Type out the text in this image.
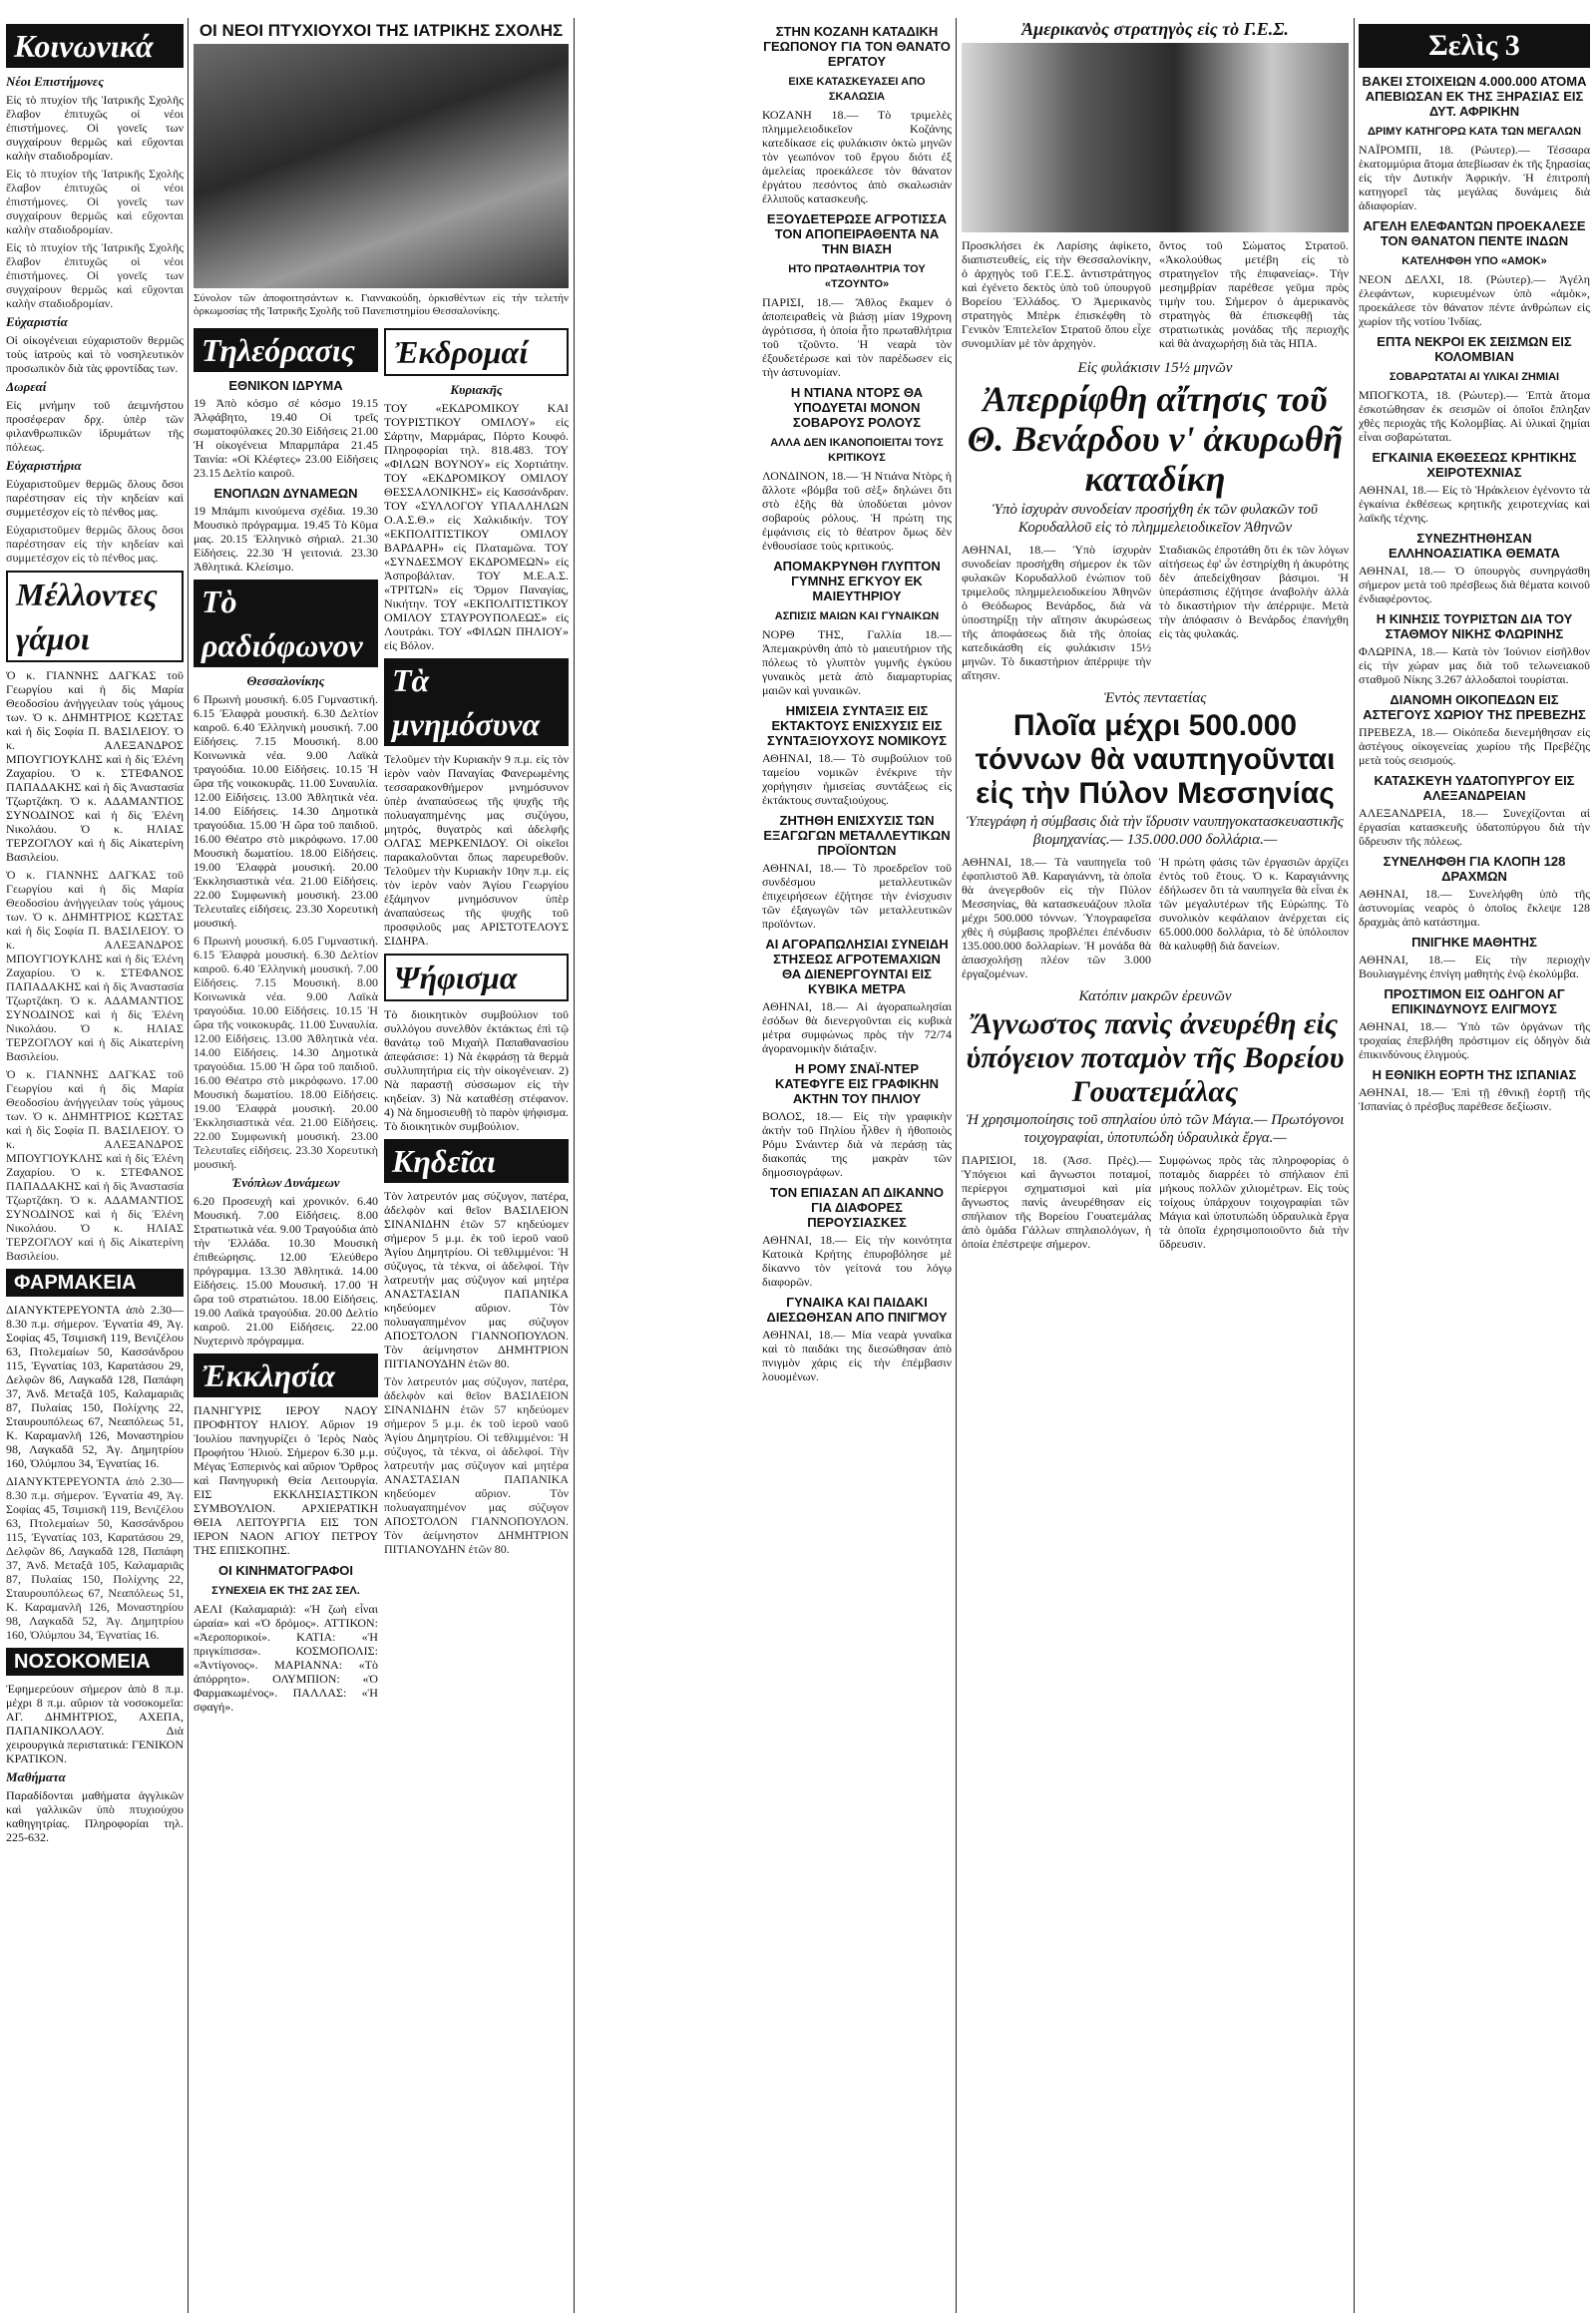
Κοινωνικά
Νέοι Επιστήμονες

Εἰς τὸ πτυχίον τῆς Ἰατρικῆς Σχολῆς ἔλαβον ἐπιτυχῶς οἱ νέοι ἐπιστήμονες. Οἱ γονεῖς των συγχαίρουν θερμῶς καὶ εὔχονται καλὴν σταδιοδρομίαν.

Εἰς τὸ πτυχίον τῆς Ἰατρικῆς Σχολῆς ἔλαβον ἐπιτυχῶς οἱ νέοι ἐπιστήμονες. Οἱ γονεῖς των συγχαίρουν θερμῶς καὶ εὔχονται καλὴν σταδιοδρομίαν.

Εἰς τὸ πτυχίον τῆς Ἰατρικῆς Σχολῆς ἔλαβον ἐπιτυχῶς οἱ νέοι ἐπιστήμονες. Οἱ γονεῖς των συγχαίρουν θερμῶς καὶ εὔχονται καλὴν σταδιοδρομίαν.

Εὐχαριστία

Οἱ οἰκογένειαι εὐχαριστοῦν θερμῶς τοὺς ἰατροὺς καὶ τὸ νοσηλευτικὸν προσωπικὸν διὰ τὰς φροντίδας των.

Δωρεαί

Εἰς μνήμην τοῦ ἀειμνήστου προσέφεραν δρχ. ὑπὲρ τῶν φιλανθρωπικῶν ἱδρυμάτων τῆς πόλεως.

Εὐχαριστήρια

Εὐχαριστοῦμεν θερμῶς ὅλους ὅσοι παρέστησαν εἰς τὴν κηδείαν καὶ συμμετέσχον εἰς τὸ πένθος μας.

Εὐχαριστοῦμεν θερμῶς ὅλους ὅσοι παρέστησαν εἰς τὴν κηδείαν καὶ συμμετέσχον εἰς τὸ πένθος μας.

Μέλλοντες γάμοι

Ὁ κ. ΓΙΑΝΝΗΣ ΔΑΓΚΑΣ τοῦ Γεωργίου καὶ ἡ δὶς Μαρία Θεοδοσίου ἀνήγγειλαν τοὺς γάμους των. Ὁ κ. ΔΗΜΗΤΡΙΟΣ ΚΩΣΤΑΣ καὶ ἡ δὶς Σοφία Π. ΒΑΣΙΛΕΙΟΥ. Ὁ κ. ΑΛΕΞΑΝΔΡΟΣ ΜΠΟΥΓΙΟΥΚΛΗΣ καὶ ἡ δὶς Ἑλένη Ζαχαρίου. Ὁ κ. ΣΤΕΦΑΝΟΣ ΠΑΠΑΔΑΚΗΣ καὶ ἡ δὶς Ἀναστασία Τζωρτζάκη. Ὁ κ. ΑΔΑΜΑΝΤΙΟΣ ΣΥΝΟΔΙΝΟΣ καὶ ἡ δὶς Ἑλένη Νικολάου. Ὁ κ. ΗΛΙΑΣ ΤΕΡΖΟΓΛΟΥ καὶ ἡ δὶς Αἰκατερίνη Βασιλείου.

Ὁ κ. ΓΙΑΝΝΗΣ ΔΑΓΚΑΣ τοῦ Γεωργίου καὶ ἡ δὶς Μαρία Θεοδοσίου ἀνήγγειλαν τοὺς γάμους των. Ὁ κ. ΔΗΜΗΤΡΙΟΣ ΚΩΣΤΑΣ καὶ ἡ δὶς Σοφία Π. ΒΑΣΙΛΕΙΟΥ. Ὁ κ. ΑΛΕΞΑΝΔΡΟΣ ΜΠΟΥΓΙΟΥΚΛΗΣ καὶ ἡ δὶς Ἑλένη Ζαχαρίου. Ὁ κ. ΣΤΕΦΑΝΟΣ ΠΑΠΑΔΑΚΗΣ καὶ ἡ δὶς Ἀναστασία Τζωρτζάκη. Ὁ κ. ΑΔΑΜΑΝΤΙΟΣ ΣΥΝΟΔΙΝΟΣ καὶ ἡ δὶς Ἑλένη Νικολάου. Ὁ κ. ΗΛΙΑΣ ΤΕΡΖΟΓΛΟΥ καὶ ἡ δὶς Αἰκατερίνη Βασιλείου.

Ὁ κ. ΓΙΑΝΝΗΣ ΔΑΓΚΑΣ τοῦ Γεωργίου καὶ ἡ δὶς Μαρία Θεοδοσίου ἀνήγγειλαν τοὺς γάμους των. Ὁ κ. ΔΗΜΗΤΡΙΟΣ ΚΩΣΤΑΣ καὶ ἡ δὶς Σοφία Π. ΒΑΣΙΛΕΙΟΥ. Ὁ κ. ΑΛΕΞΑΝΔΡΟΣ ΜΠΟΥΓΙΟΥΚΛΗΣ καὶ ἡ δὶς Ἑλένη Ζαχαρίου. Ὁ κ. ΣΤΕΦΑΝΟΣ ΠΑΠΑΔΑΚΗΣ καὶ ἡ δὶς Ἀναστασία Τζωρτζάκη. Ὁ κ. ΑΔΑΜΑΝΤΙΟΣ ΣΥΝΟΔΙΝΟΣ καὶ ἡ δὶς Ἑλένη Νικολάου. Ὁ κ. ΗΛΙΑΣ ΤΕΡΖΟΓΛΟΥ καὶ ἡ δὶς Αἰκατερίνη Βασιλείου.

ΦΑΡΜΑΚΕΙΑ

ΔΙΑΝΥΚΤΕΡΕΥΟΝΤΑ ἀπὸ 2.30—8.30 π.μ. σήμερον. Ἐγνατία 49, Ἁγ. Σοφίας 45, Τσιμισκῆ 119, Βενιζέλου 63, Πτολεμαίων 50, Κασσάνδρου 115, Ἐγνατίας 103, Καρατάσου 29, Δελφῶν 86, Λαγκαδᾶ 128, Παπάφη 37, Ἀνδ. Μεταξᾶ 105, Καλαμαριᾶς 87, Πυλαίας 150, Πολίχνης 22, Σταυρουπόλεως 67, Νεαπόλεως 51, Κ. Καραμανλῆ 126, Μοναστηρίου 98, Λαγκαδᾶ 52, Ἀγ. Δημητρίου 160, Ὀλύμπου 34, Ἐγνατίας 16.

ΔΙΑΝΥΚΤΕΡΕΥΟΝΤΑ ἀπὸ 2.30—8.30 π.μ. σήμερον. Ἐγνατία 49, Ἁγ. Σοφίας 45, Τσιμισκῆ 119, Βενιζέλου 63, Πτολεμαίων 50, Κασσάνδρου 115, Ἐγνατίας 103, Καρατάσου 29, Δελφῶν 86, Λαγκαδᾶ 128, Παπάφη 37, Ἀνδ. Μεταξᾶ 105, Καλαμαριᾶς 87, Πυλαίας 150, Πολίχνης 22, Σταυρουπόλεως 67, Νεαπόλεως 51, Κ. Καραμανλῆ 126, Μοναστηρίου 98, Λαγκαδᾶ 52, Ἀγ. Δημητρίου 160, Ὀλύμπου 34, Ἐγνατίας 16.

ΝΟΣΟΚΟΜΕΙΑ

Ἐφημερεύουν σήμερον ἀπὸ 8 π.μ. μέχρι 8 π.μ. αὔριον τὰ νοσοκομεῖα: ΑΓ. ΔΗΜΗΤΡΙΟΣ, ΑΧΕΠΑ, ΠΑΠΑΝΙΚΟΛΑΟΥ. Διὰ χειρουργικὰ περιστατικά: ΓΕΝΙΚΟΝ ΚΡΑΤΙΚΟΝ.

Μαθήματα

Παραδίδονται μαθήματα ἀγγλικῶν καὶ γαλλικῶν ὑπὸ πτυχιούχου καθηγητρίας. Πληροφορίαι τηλ. 225-632.

ΟΙ ΝΕΟΙ ΠΤΥΧΙΟΥΧΟΙ ΤΗΣ ΙΑΤΡΙΚΗΣ ΣΧΟΛΗΣ

Σύνολον τῶν ἀποφοιτησάντων κ. Γιαννακούδη, ὁρκισθέντων εἰς τὴν τελετὴν ὁρκωμοσίας τῆς Ἰατρικῆς Σχολῆς τοῦ Πανεπιστημίου Θεσσαλονίκης.

Τηλεόρασις
ΕΘΝΙΚΟΝ ΙΔΡΥΜΑ

19 Ἀπὸ κόσμο σέ κόσμο 19.15 Ἀλφάβητο, 19.40 Οἱ τρεῖς σωματοφύλακες 20.30 Εἰδήσεις 21.00 Ἡ οἰκογένεια Μπαρμπάρα 21.45 Ταινία: «Οἱ Κλέφτες» 23.00 Εἰδήσεις 23.15 Δελτίο καιροῦ.

ΕΝΟΠΛΩΝ ΔΥΝΑΜΕΩΝ

19 Μπάμπι κινούμενα σχέδια. 19.30 Μουσικὸ πρόγραμμα. 19.45 Τὸ Κῦμα μας. 20.15 Ἐλληνικὸ σήριαλ. 21.30 Εἰδήσεις. 22.30 Ἡ γειτονιά. 23.30 Ἀθλητικά. Κλείσιμο.

Τὸ ραδιόφωνον
Θεσσαλονίκης

6 Πρωινὴ μουσική. 6.05 Γυμναστική. 6.15 Ἐλαφρὰ μουσική. 6.30 Δελτίον καιροῦ. 6.40 Ἑλληνικὴ μουσική. 7.00 Εἰδήσεις. 7.15 Μουσική. 8.00 Κοινωνικὰ νέα. 9.00 Λαϊκὰ τραγούδια. 10.00 Εἰδήσεις. 10.15 Ἡ ὥρα τῆς νοικοκυρᾶς. 11.00 Συναυλία. 12.00 Εἰδήσεις. 13.00 Ἀθλητικὰ νέα. 14.00 Εἰδήσεις. 14.30 Δημοτικὰ τραγούδια. 15.00 Ἡ ὥρα τοῦ παιδιοῦ. 16.00 Θέατρο στὸ μικρόφωνο. 17.00 Μουσικὴ δωματίου. 18.00 Εἰδήσεις. 19.00 Ἐλαφρὰ μουσική. 20.00 Ἐκκλησιαστικὰ νέα. 21.00 Εἰδήσεις. 22.00 Συμφωνικὴ μουσική. 23.00 Τελευταῖες εἰδήσεις. 23.30 Χορευτικὴ μουσική.

6 Πρωινὴ μουσική. 6.05 Γυμναστική. 6.15 Ἐλαφρὰ μουσική. 6.30 Δελτίον καιροῦ. 6.40 Ἑλληνικὴ μουσική. 7.00 Εἰδήσεις. 7.15 Μουσική. 8.00 Κοινωνικὰ νέα. 9.00 Λαϊκὰ τραγούδια. 10.00 Εἰδήσεις. 10.15 Ἡ ὥρα τῆς νοικοκυρᾶς. 11.00 Συναυλία. 12.00 Εἰδήσεις. 13.00 Ἀθλητικὰ νέα. 14.00 Εἰδήσεις. 14.30 Δημοτικὰ τραγούδια. 15.00 Ἡ ὥρα τοῦ παιδιοῦ. 16.00 Θέατρο στὸ μικρόφωνο. 17.00 Μουσικὴ δωματίου. 18.00 Εἰδήσεις. 19.00 Ἐλαφρὰ μουσική. 20.00 Ἐκκλησιαστικὰ νέα. 21.00 Εἰδήσεις. 22.00 Συμφωνικὴ μουσική. 23.00 Τελευταῖες εἰδήσεις. 23.30 Χορευτικὴ μουσική.

Ἐνόπλων Δυνάμεων

6.20 Προσευχὴ καὶ χρονικόν. 6.40 Μουσική. 7.00 Εἰδήσεις. 8.00 Στρατιωτικὰ νέα. 9.00 Τραγούδια ἀπὸ τὴν Ἑλλάδα. 10.30 Μουσικὴ ἐπιθεώρησις. 12.00 Ἐλεύθερο πρόγραμμα. 13.30 Ἀθλητικά. 14.00 Εἰδήσεις. 15.00 Μουσική. 17.00 Ἡ ὥρα τοῦ στρατιώτου. 18.00 Εἰδήσεις. 19.00 Λαϊκὰ τραγούδια. 20.00 Δελτίο καιροῦ. 21.00 Εἰδήσεις. 22.00 Νυχτερινὸ πρόγραμμα.

Ἐκκλησία

ΠΑΝΗΓΥΡΙΣ ΙΕΡΟΥ ΝΑΟΥ ΠΡΟΦΗΤΟΥ ΗΛΙΟΥ. Αὔριον 19 Ἰουλίου πανηγυρίζει ὁ Ἱερὸς Ναὸς Προφήτου Ἠλιοὺ. Σήμερον 6.30 μ.μ. Μέγας Ἑσπερινὸς καὶ αὔριον Ὄρθρος καὶ Πανηγυρικὴ Θεία Λειτουργία. ΕΙΣ ΕΚΚΛΗΣΙΑΣΤΙΚΟΝ ΣΥΜΒΟΥΛΙΟΝ. ΑΡΧΙΕΡΑΤΙΚΗ ΘΕΙΑ ΛΕΙΤΟΥΡΓΙΑ ΕΙΣ ΤΟΝ ΙΕΡΟΝ ΝΑΟΝ ΑΓΙΟΥ ΠΕΤΡΟΥ ΤΗΣ ΕΠΙΣΚΟΠΗΣ.

ΟΙ ΚΙΝΗΜΑΤΟΓΡΑΦΟΙ
ΣΥΝΕΧΕΙΑ ΕΚ ΤΗΣ 2ΑΣ ΣΕΛ.

ΑΕΛΙ (Καλαμαριά): «Ἡ ζωὴ εἶναι ὡραία» καὶ «Ὁ δρόμος». ΑΤΤΙΚΟΝ: «Ἀεροπορικοί». ΚΑΤΙΑ: «Ἡ πριγκίπισσα». ΚΟΣΜΟΠΟΛΙΣ: «Ἀντίγονος». ΜΑΡΙΑΝΝΑ: «Τὸ ἀπόρρητο». ΟΛΥΜΠΙΟΝ: «Ὁ Φαρμακωμένος». ΠΑΛΛΑΣ: «Ἡ σφαγή».

Ἐκδρομαί
Κυριακῆς

ΤΟΥ «ΕΚΔΡΟΜΙΚΟΥ ΚΑΙ ΤΟΥΡΙΣΤΙΚΟΥ ΟΜΙΛΟΥ» εἰς Σάρτην, Μαρμάρας, Πόρτο Κουφό. Πληροφορίαι τηλ. 818.483. ΤΟΥ «ΦΙΛΩΝ ΒΟΥΝΟΥ» εἰς Χορτιάτην. ΤΟΥ «ΕΚΔΡΟΜΙΚΟΥ ΟΜΙΛΟΥ ΘΕΣΣΑΛΟΝΙΚΗΣ» εἰς Κασσάνδραν. ΤΟΥ «ΣΥΛΛΟΓΟΥ ΥΠΑΛΛΗΛΩΝ Ο.Α.Σ.Θ.» εἰς Χαλκιδικήν. ΤΟΥ «ΕΚΠΟΛΙΤΙΣΤΙΚΟΥ ΟΜΙΛΟΥ ΒΑΡΔΑΡΗ» εἰς Πλαταμῶνα. ΤΟΥ «ΣΥΝΔΕΣΜΟΥ ΕΚΔΡΟΜΕΩΝ» εἰς Ἀσπροβάλταν. ΤΟΥ Μ.Ε.Α.Σ. «ΤΡΙΤΩΝ» εἰς Ὄρμον Παναγίας, Νικήτην. ΤΟΥ «ΕΚΠΟΛΙΤΙΣΤΙΚΟΥ ΟΜΙΛΟΥ ΣΤΑΥΡΟΥΠΟΛΕΩΣ» εἰς Λουτράκι. ΤΟΥ «ΦΙΛΩΝ ΠΗΛΙΟΥ» εἰς Βόλον.

Τὰ μνημόσυνα

Τελοῦμεν τὴν Κυριακὴν 9 π.μ. εἰς τὸν ἱερὸν ναὸν Παναγίας Φανερωμένης τεσσαρακονθήμερον μνημόσυνον ὑπὲρ ἀναπαύσεως τῆς ψυχῆς τῆς πολυαγαπημένης μας συζύγου, μητρός, θυγατρὸς καὶ ἀδελφῆς ΟΛΓΑΣ ΜΕΡΚΕΝΙΔΟΥ. Οἱ οἰκεῖοι παρακαλοῦνται ὅπως παρευρεθοῦν. Τελοῦμεν τὴν Κυριακὴν 10ην π.μ. εἰς τὸν ἱερὸν ναὸν Ἁγίου Γεωργίου ἐξάμηνον μνημόσυνον ὑπὲρ ἀναπαύσεως τῆς ψυχῆς τοῦ προσφιλοῦς μας ΑΡΙΣΤΟΤΕΛΟΥΣ ΣΙΔΗΡΑ.

Ψήφισμα

Τὸ διοικητικὸν συμβούλιον τοῦ συλλόγου συνελθὸν ἐκτάκτως ἐπὶ τῷ θανάτῳ τοῦ Μιχαὴλ Παπαθανασίου ἀπεφάσισε: 1) Νὰ ἐκφράσῃ τὰ θερμὰ συλλυπητήρια εἰς τὴν οἰκογένειαν. 2) Νὰ παραστῇ σύσσωμον εἰς τὴν κηδείαν. 3) Νὰ καταθέσῃ στέφανον. 4) Νὰ δημοσιευθῇ τὸ παρὸν ψήφισμα. Τὸ διοικητικὸν συμβούλιον.

Κηδεῖαι

Τὸν λατρευτόν μας σύζυγον, πατέρα, ἀδελφὸν καὶ θεῖον ΒΑΣΙΛΕΙΟΝ ΣΙΝΑΝΙΔΗΝ ἐτῶν 57 κηδεύομεν σήμερον 5 μ.μ. ἐκ τοῦ ἱεροῦ ναοῦ Ἁγίου Δημητρίου. Οἱ τεθλιμμένοι: Ἡ σύζυγος, τὰ τέκνα, οἱ ἀδελφοί. Τὴν λατρευτήν μας σύζυγον καὶ μητέρα ΑΝΑΣΤΑΣΙΑΝ ΠΑΠΑΝΙΚΑ κηδεύομεν αὔριον. Τὸν πολυαγαπημένον μας σύζυγον ΑΠΟΣΤΟΛΟΝ ΓΙΑΝΝΟΠΟΥΛΟΝ. Τὸν ἀείμνηστον ΔΗΜΗΤΡΙΟΝ ΠΙΤΙΑΝΟΥΔΗΝ ἐτῶν 80.

Τὸν λατρευτόν μας σύζυγον, πατέρα, ἀδελφὸν καὶ θεῖον ΒΑΣΙΛΕΙΟΝ ΣΙΝΑΝΙΔΗΝ ἐτῶν 57 κηδεύομεν σήμερον 5 μ.μ. ἐκ τοῦ ἱεροῦ ναοῦ Ἁγίου Δημητρίου. Οἱ τεθλιμμένοι: Ἡ σύζυγος, τὰ τέκνα, οἱ ἀδελφοί. Τὴν λατρευτήν μας σύζυγον καὶ μητέρα ΑΝΑΣΤΑΣΙΑΝ ΠΑΠΑΝΙΚΑ κηδεύομεν αὔριον. Τὸν πολυαγαπημένον μας σύζυγον ΑΠΟΣΤΟΛΟΝ ΓΙΑΝΝΟΠΟΥΛΟΝ. Τὸν ἀείμνηστον ΔΗΜΗΤΡΙΟΝ ΠΙΤΙΑΝΟΥΔΗΝ ἐτῶν 80.

ΣΤΗΝ ΚΟΖΑΝΗ ΚΑΤΑΔΙΚΗ ΓΕΩΠΟΝΟΥ ΓΙΑ ΤΟΝ ΘΑΝΑΤΟ ΕΡΓΑΤΟΥ
ΕΙΧΕ ΚΑΤΑΣΚΕΥΑΣΕΙ ΑΠΟ ΣΚΑΛΩΣΙΑ

ΚΟΖΑΝΗ 18.— Τὸ τριμελὲς πλημμελειοδικεῖον Κοζάνης κατεδίκασε εἰς φυλάκισιν ὀκτὼ μηνῶν τὸν γεωπόνον τοῦ ἔργου διότι ἐξ ἀμελείας προεκάλεσε τὸν θάνατον ἐργάτου πεσόντος ἀπὸ σκαλωσιὰν ἐλλιποῦς κατασκευῆς.

ΕΞΟΥΔΕΤΕΡΩΣΕ ΑΓΡΟΤΙΣΣΑ ΤΟΝ ΑΠΟΠΕΙΡΑΘΕΝΤΑ ΝΑ ΤΗΝ ΒΙΑΣΗ
ΗΤΟ ΠΡΩΤΑΘΛΗΤΡΙΑ ΤΟΥ «ΤΖΟΥΝΤΟ»

ΠΑΡΙΣΙ, 18.— Ἄθλος ἔκαμεν ὁ ἀποπειραθεὶς νὰ βιάσῃ μίαν 19χρονη ἀγρότισσα, ἡ ὁποία ἦτο πρωταθλήτρια τοῦ τζοῦντο. Ἡ νεαρὰ τὸν ἐξουδετέρωσε καὶ τὸν παρέδωσεν εἰς τὴν ἀστυνομίαν.

Η ΝΤΙΑΝΑ ΝΤΟΡΣ ΘΑ ΥΠΟΔΥΕΤΑΙ ΜΟΝΟΝ ΣΟΒΑΡΟΥΣ ΡΟΛΟΥΣ
ΑΛΛΑ ΔΕΝ ΙΚΑΝΟΠΟΙΕΙΤΑΙ ΤΟΥΣ ΚΡΙΤΙΚΟΥΣ

ΛΟΝΔΙΝΟΝ, 18.— Ἡ Ντιάνα Ντὸρς ἡ ἄλλοτε «βόμβα τοῦ σὲξ» δηλώνει ὅτι στὸ ἑξῆς θὰ ὑποδύεται μόνον σοβαροὺς ρόλους. Ἡ πρώτη της ἐμφάνισις εἰς τὸ θέατρον ὅμως δὲν ἐνθουσίασε τοὺς κριτικούς.

ΑΠΟΜΑΚΡΥΝΘΗ ΓΛΥΠΤΟΝ ΓΥΜΝΗΣ ΕΓΚΥΟΥ ΕΚ ΜΑΙΕΥΤΗΡΙΟΥ
ΑΣΠΙΣΙΣ ΜΑΙΩΝ ΚΑΙ ΓΥΝΑΙΚΩΝ

ΝΟΡΘ ΤΗΣ, Γαλλία 18.— Ἀπεμακρύνθη ἀπὸ τὸ μαιευτήριον τῆς πόλεως τὸ γλυπτὸν γυμνῆς ἐγκύου γυναικὸς μετὰ ἀπὸ διαμαρτυρίας μαιῶν καὶ γυναικῶν.

ΗΜΙΣΕΙΑ ΣΥΝΤΑΞΙΣ ΕΙΣ ΕΚΤΑΚΤΟΥΣ ΕΝΙΣΧΥΣΙΣ ΕΙΣ ΣΥΝΤΑΞΙΟΥΧΟΥΣ ΝΟΜΙΚΟΥΣ

ΑΘΗΝΑΙ, 18.— Τὸ συμβούλιον τοῦ ταμείου νομικῶν ἐνέκρινε τὴν χορήγησιν ἡμισείας συντάξεως εἰς ἐκτάκτους συνταξιούχους.

ΖΗΤΗΘΗ ΕΝΙΣΧΥΣΙΣ ΤΩΝ ΕΞΑΓΩΓΩΝ ΜΕΤΑΛΛΕΥΤΙΚΩΝ ΠΡΟΪΟΝΤΩΝ

ΑΘΗΝΑΙ, 18.— Τὸ προεδρεῖον τοῦ συνδέσμου μεταλλευτικῶν ἐπιχειρήσεων ἐζήτησε τὴν ἐνίσχυσιν τῶν ἐξαγωγῶν τῶν μεταλλευτικῶν προϊόντων.

ΑΙ ΑΓΟΡΑΠΩΛΗΣΙΑΙ ΣΥΝΕΙΔΗ ΣΤΗΣΕΩΣ ΑΓΡΟΤΕΜΑΧΙΩΝ ΘΑ ΔΙΕΝΕΡΓΟΥΝΤΑΙ ΕΙΣ ΚΥΒΙΚΑ ΜΕΤΡΑ

ΑΘΗΝΑΙ, 18.— Αἱ ἀγοραπωλησίαι ἐσόδων θὰ διενεργοῦνται εἰς κυβικὰ μέτρα συμφώνως πρὸς τὴν 72/74 ἀγορανομικὴν διάταξιν.

Η ΡΟΜΥ ΣΝΑΪ-ΝΤΕΡ ΚΑΤΕΦΥΓΕ ΕΙΣ ΓΡΑΦΙΚΗΝ ΑΚΤΗΝ ΤΟΥ ΠΗΛΙΟΥ

ΒΟΛΟΣ, 18.— Εἰς τὴν γραφικὴν ἀκτὴν τοῦ Πηλίου ἦλθεν ἡ ἠθοποιὸς Ρόμυ Σνάιντερ διὰ νὰ περάσῃ τὰς διακοπάς της μακρὰν τῶν δημοσιογράφων.

ΤΟΝ ΕΠΙΑΣΑΝ ΑΠ ΔΙΚΑΝΝΟ ΓΙΑ ΔΙΑΦΟΡΕΣ ΠΕΡΟΥΣΙΑΣΚΕΣ

ΑΘΗΝΑΙ, 18.— Εἰς τὴν κοινότητα Κατοικὰ Κρήτης ἐπυροβόλησε μὲ δίκαννο τὸν γείτονά του λόγῳ διαφορῶν.

ΓΥΝΑΙΚΑ ΚΑΙ ΠΑΙΔΑΚΙ ΔΙΕΣΩΘΗΣΑΝ ΑΠΟ ΠΝΙΓΜΟΥ

ΑΘΗΝΑΙ, 18.— Μία νεαρὰ γυναῖκα καὶ τὸ παιδάκι της διεσώθησαν ἀπὸ πνιγμὸν χάρις εἰς τὴν ἐπέμβασιν λουομένων.

Ἀμερικανὸς στρατηγὸς εἰς τὸ Γ.Ε.Σ.

Προσκλήσει ἐκ Λαρίσης ἀφίκετο, διαπιστευθείς, εἰς τὴν Θεσσαλονίκην, ὁ ἀρχηγὸς τοῦ Γ.Ε.Σ. ἀντιστράτηγος καὶ ἐγένετο δεκτὸς ὑπὸ τοῦ ὑπουργοῦ Βορείου Ἑλλάδος. Ὁ Ἀμερικανὸς στρατηγὸς Μπὲρκ ἐπισκέφθη τὸ Γενικὸν Ἐπιτελεῖον Στρατοῦ ὅπου εἶχε συνομιλίαν μὲ τὸν ἀρχηγὸν.

ὄντος τοῦ Σώματος Στρατοῦ. «Ἀκολούθως μετέβη εἰς τὸ στρατηγεῖον τῆς ἐπιφανείας». Τὴν μεσημβρίαν παρέθεσε γεῦμα πρὸς τιμὴν του. Σήμερον ὁ ἀμερικανὸς στρατηγὸς θὰ ἐπισκεφθῇ τὰς στρατιωτικὰς μονάδας τῆς περιοχῆς καὶ θὰ ἀναχωρήσῃ διὰ τὰς ΗΠΑ.

Εἰς φυλάκισιν 15½ μηνῶν
Ἀπερρίφθη αἴτησις τοῦ Θ. Βενάρδου ν' ἀκυρωθῆ καταδίκη
Ὑπὸ ἰσχυρὰν συνοδείαν προσήχθη ἐκ τῶν φυλακῶν τοῦ Κορυδαλλοῦ εἰς τὸ πλημμελειοδικεῖον Ἀθηνῶν

ΑΘΗΝΑΙ, 18.— Ὑπὸ ἰσχυρὰν συνοδείαν προσήχθη σήμερον ἐκ τῶν φυλακῶν Κορυδαλλοῦ ἐνώπιον τοῦ τριμελοῦς πλημμελειοδικείου Ἀθηνῶν ὁ Θεόδωρος Βενάρδος, διὰ νὰ ὑποστηρίξῃ τὴν αἴτησιν ἀκυρώσεως τῆς ἀποφάσεως διὰ τῆς ὁποίας κατεδικάσθη εἰς φυλάκισιν 15½ μηνῶν. Τὸ δικαστήριον ἀπέρριψε τὴν αἴτησιν.

Σταδιακῶς ἐπροτάθη ὅτι ἐκ τῶν λόγων αἰτήσεως ἐφ' ὧν ἐστηρίχθη ἡ ἀκυρότης δὲν ἀπεδείχθησαν βάσιμοι. Ἡ ὑπεράσπισις ἐζήτησε ἀναβολὴν ἀλλὰ τὸ δικαστήριον τὴν ἀπέρριψε. Μετὰ τὴν ἀπόφασιν ὁ Βενάρδος ἐπανήχθη εἰς τὰς φυλακάς.

Ἐντὸς πενταετίας
Πλοῖα μέχρι 500.000 τόννων θὰ ναυπηγοῦνται εἰς τὴν Πύλον Μεσσηνίας
Ὑπεγράφη ἡ σύμβασις διὰ τὴν ἵδρυσιν ναυπηγοκατασκευαστικῆς βιομηχανίας.— 135.000.000 δολλάρια.—

ΑΘΗΝΑΙ, 18.— Τὰ ναυπηγεῖα τοῦ ἐφοπλιστοῦ Ἀθ. Καραγιάννη, τὰ ὁποῖα θὰ ἀνεγερθοῦν εἰς τὴν Πύλον Μεσσηνίας, θὰ κατασκευάζουν πλοῖα μέχρι 500.000 τόννων. Ὑπογραφεῖσα χθὲς ἡ σύμβασις προβλέπει ἐπένδυσιν 135.000.000 δολλαρίων. Ἡ μονάδα θὰ ἀπασχολήσῃ πλέον τῶν 3.000 ἐργαζομένων.

Ἡ πρώτη φάσις τῶν ἐργασιῶν ἀρχίζει ἐντὸς τοῦ ἔτους. Ὁ κ. Καραγιάννης ἐδήλωσεν ὅτι τὰ ναυπηγεῖα θὰ εἶναι ἐκ τῶν μεγαλυτέρων τῆς Εὐρώπης. Τὸ συνολικὸν κεφάλαιον ἀνέρχεται εἰς 65.000.000 δολλάρια, τὸ δὲ ὑπόλοιπον θὰ καλυφθῇ διὰ δανείων.

Κατόπιν μακρῶν ἐρευνῶν
Ἄγνωστος πανὶς ἀνευρέθη εἰς ὑπόγειον ποταμὸν τῆς Βορείου Γουατεμάλας
Ἡ χρησιμοποίησις τοῦ σπηλαίου ὑπὸ τῶν Μάγια.— Πρωτόγονοι τοιχογραφίαι, ὑποτυπώδη ὑδραυλικὰ ἔργα.—

ΠΑΡΙΣΙΟΙ, 18. (Ἀσσ. Πρὲς).— Ὑπόγειοι καὶ ἄγνωστοι ποταμοί, περίεργοι σχηματισμοὶ καὶ μία ἄγνωστος πανὶς ἀνευρέθησαν εἰς σπήλαιον τῆς Βορείου Γουατεμάλας ἀπὸ ὁμάδα Γάλλων σπηλαιολόγων, ἡ ὁποία ἐπέστρεψε σήμερον.

Συμφώνως πρὸς τὰς πληροφορίας ὁ ποταμὸς διαρρέει τὸ σπήλαιον ἐπὶ μήκους πολλῶν χιλιομέτρων. Εἰς τοὺς τοίχους ὑπάρχουν τοιχογραφίαι τῶν Μάγια καὶ ὑποτυπώδη ὑδραυλικὰ ἔργα τὰ ὁποῖα ἐχρησιμοποιοῦντο διὰ τὴν ὕδρευσιν.

Σελὶς 3
ΒΑΚΕΙ ΣΤΟΙΧΕΙΩΝ 4.000.000 ΑΤΟΜΑ ΑΠΕΒΙΩΣΑΝ ΕΚ ΤΗΣ ΞΗΡΑΣΙΑΣ ΕΙΣ ΔΥΤ. ΑΦΡΙΚΗΝ
ΔΡΙΜΥ ΚΑΤΗΓΟΡΩ ΚΑΤΑ ΤΩΝ ΜΕΓΑΛΩΝ

ΝΑΪΡΟΜΠΙ, 18. (Ρώυτερ).— Τέσσαρα ἑκατομμύρια ἄτομα ἀπεβίωσαν ἐκ τῆς ξηρασίας εἰς τὴν Δυτικὴν Ἀφρικήν. Ἡ ἐπιτροπὴ κατηγορεῖ τὰς μεγάλας δυνάμεις διὰ ἀδιαφορίαν.

ΑΓΕΛΗ ΕΛΕΦΑΝΤΩΝ ΠΡΟΕΚΑΛΕΣΕ ΤΟΝ ΘΑΝΑΤΟΝ ΠΕΝΤΕ ΙΝΔΩΝ
ΚΑΤΕΛΗΦΘΗ ΥΠΟ «ΑΜΟΚ»

ΝΕΟΝ ΔΕΛΧΙ, 18. (Ρώυτερ).— Ἀγέλη ἐλεφάντων, κυριευμένων ὑπὸ «ἀμὸκ», προεκάλεσε τὸν θάνατον πέντε ἀνθρώπων εἰς χωρίον τῆς νοτίου Ἰνδίας.

ΕΠΤΑ ΝΕΚΡΟΙ ΕΚ ΣΕΙΣΜΩΝ ΕΙΣ ΚΟΛΟΜΒΙΑΝ
ΣΟΒΑΡΩΤΑΤΑΙ ΑΙ ΥΛΙΚΑΙ ΖΗΜΙΑΙ

ΜΠΟΓΚΟΤΑ, 18. (Ρώυτερ).— Ἑπτὰ ἄτομα ἐσκοτώθησαν ἐκ σεισμῶν οἱ ὁποῖοι ἔπληξαν χθὲς περιοχὰς τῆς Κολομβίας. Αἱ ὑλικαὶ ζημίαι εἶναι σοβαρώταται.

ΕΓΚΑΙΝΙΑ ΕΚΘΕΣΕΩΣ ΚΡΗΤΙΚΗΣ ΧΕΙΡΟΤΕΧΝΙΑΣ

ΑΘΗΝΑΙ, 18.— Εἰς τὸ Ἡράκλειον ἐγένοντο τὰ ἐγκαίνια ἐκθέσεως κρητικῆς χειροτεχνίας καὶ λαϊκῆς τέχνης.

ΣΥΝΕΖΗΤΗΘΗΣΑΝ ΕΛΛΗΝΟΑΣΙΑΤΙΚΑ ΘΕΜΑΤΑ

ΑΘΗΝΑΙ, 18.— Ὁ ὑπουργὸς συνηργάσθη σήμερον μετὰ τοῦ πρέσβεως διὰ θέματα κοινοῦ ἐνδιαφέροντος.

Η ΚΙΝΗΣΙΣ ΤΟΥΡΙΣΤΩΝ ΔΙΑ ΤΟΥ ΣΤΑΘΜΟΥ ΝΙΚΗΣ ΦΛΩΡΙΝΗΣ

ΦΛΩΡΙΝΑ, 18.— Κατὰ τὸν Ἰούνιον εἰσῆλθον εἰς τὴν χώραν μας διὰ τοῦ τελωνειακοῦ σταθμοῦ Νίκης 3.267 ἀλλοδαποὶ τουρίσται.

ΔΙΑΝΟΜΗ ΟΙΚΟΠΕΔΩΝ ΕΙΣ ΑΣΤΕΓΟΥΣ ΧΩΡΙΟΥ ΤΗΣ ΠΡΕΒΕΖΗΣ

ΠΡΕΒΕΖΑ, 18.— Οἰκόπεδα διενεμήθησαν εἰς ἀστέγους οἰκογενείας χωρίου τῆς Πρεβέζης μετὰ τοὺς σεισμούς.

ΚΑΤΑΣΚΕΥΗ ΥΔΑΤΟΠΥΡΓΟΥ ΕΙΣ ΑΛΕΞΑΝΔΡΕΙΑΝ

ΑΛΕΞΑΝΔΡΕΙΑ, 18.— Συνεχίζονται αἱ ἐργασίαι κατασκευῆς ὑδατοπύργου διὰ τὴν ὕδρευσιν τῆς πόλεως.

ΣΥΝΕΛΗΦΘΗ ΓΙΑ ΚΛΟΠΗ 128 ΔΡΑΧΜΩΝ

ΑΘΗΝΑΙ, 18.— Συνελήφθη ὑπὸ τῆς ἀστυνομίας νεαρὸς ὁ ὁποῖος ἔκλεψε 128 δραχμὰς ἀπὸ κατάστημα.

ΠΝΙΓΗΚΕ ΜΑΘΗΤΗΣ

ΑΘΗΝΑΙ, 18.— Εἰς τὴν περιοχὴν Βουλιαγμένης ἐπνίγη μαθητὴς ἐνῷ ἐκολύμβα.

ΠΡΟΣΤΙΜΟΝ ΕΙΣ ΟΔΗΓΟΝ ΑΓ ΕΠΙΚΙΝΔΥΝΟΥΣ ΕΛΙΓΜΟΥΣ

ΑΘΗΝΑΙ, 18.— Ὑπὸ τῶν ὀργάνων τῆς τροχαίας ἐπεβλήθη πρόστιμον εἰς ὁδηγὸν διὰ ἐπικινδύνους ἐλιγμούς.

Η ΕΘΝΙΚΗ ΕΟΡΤΗ ΤΗΣ ΙΣΠΑΝΙΑΣ

ΑΘΗΝΑΙ, 18.— Ἐπὶ τῇ ἐθνικῇ ἑορτῇ τῆς Ἱσπανίας ὁ πρέσβυς παρέθεσε δεξίωσιν.
